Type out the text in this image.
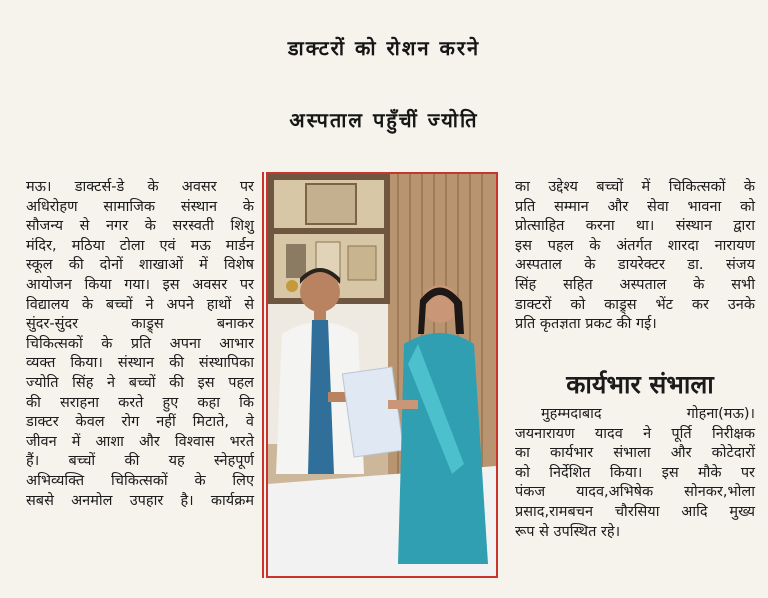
डाक्टरों को रोशन करने
अस्पताल पहुँचीं ज्योति

मऊ। डाक्टर्स-डे के अवसर पर

अधिरोहण सामाजिक संस्थान के

सौजन्य से नगर के सरस्वती शिशु

मंदिर, मठिया टोला एवं मऊ मार्डन

स्कूल की दोनों शाखाओं में विशेष

आयोजन किया गया। इस अवसर पर

विद्यालय के बच्चों ने अपने हाथों से

सुंदर-सुंदर काड्र्स बनाकर

चिकित्सकों के प्रति अपना आभार

व्यक्त किया। संस्थान की संस्थापिका

ज्योति सिंह ने बच्चों की इस पहल

की सराहना करते हुए कहा कि

डाक्टर केवल रोग नहीं मिटाते, वे

जीवन में आशा और विश्वास भरते

हैं। बच्चों की यह स्नेहपूर्ण

अभिव्यक्ति चिकित्सकों के लिए

सबसे अनमोल उपहार है। कार्यक्रम

का उद्देश्य बच्चों में चिकित्सकों के

प्रति सम्मान और सेवा भावना को

प्रोत्साहित करना था। संस्थान द्वारा

इस पहल के अंतर्गत शारदा नारायण

अस्पताल के डायरेक्टर डा. संजय

सिंह सहित अस्पताल के सभी

डाक्टरों को काड्र्स भेंट कर उनके

प्रति कृतज्ञता प्रकट की गई।

कार्यभार संभाला

मुहम्मदाबाद गोहना(मऊ)।

जयनारायण यादव ने पूर्ति निरीक्षक

का कार्यभार संभाला और कोटेदारों

को निर्देशित किया। इस मौके पर

पंकज यादव,अभिषेक सोनकर,भोला

प्रसाद,रामबचन चौरसिया आदि मुख्य

रूप से उपस्थित रहे।
